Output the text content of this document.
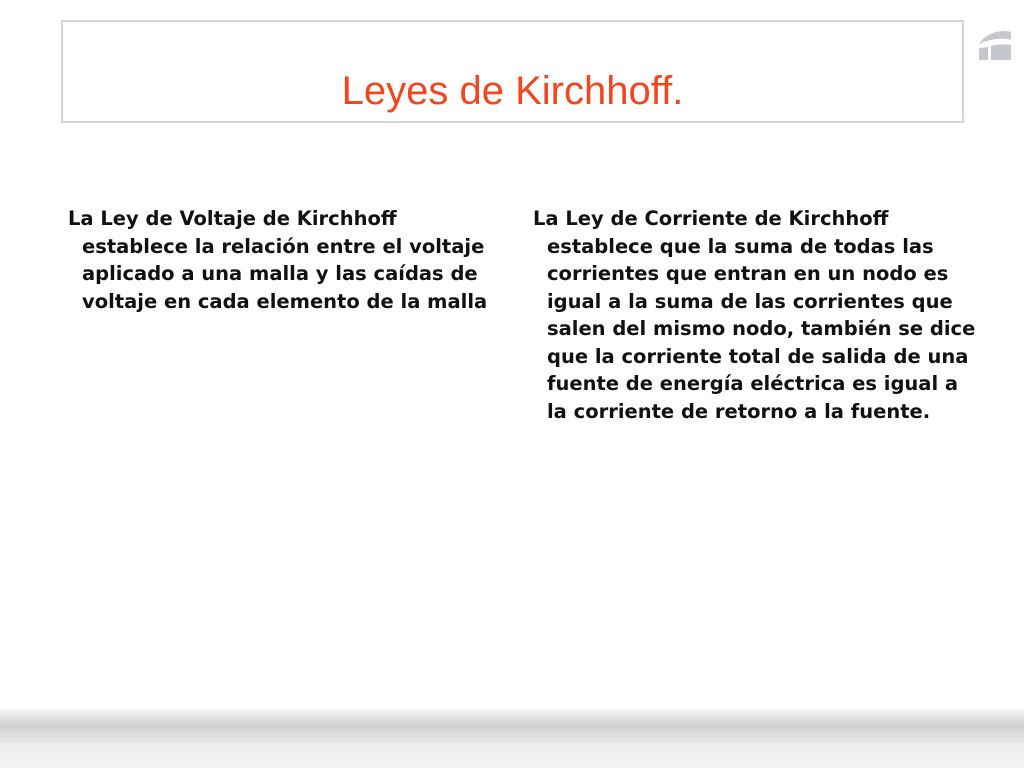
Leyes de Kirchhoff.

La Ley de Voltaje de Kirchhoff establece la relación entre el voltaje aplicado a una malla y las caídas de voltaje en cada elemento de la malla

La Ley de Corriente de Kirchhoff establece que la suma de todas las corrientes que entran en un nodo es igual a la suma de las corrientes que salen del mismo nodo, también se dice que la corriente total de salida de una fuente de energía eléctrica es igual a la corriente de retorno a la fuente.
